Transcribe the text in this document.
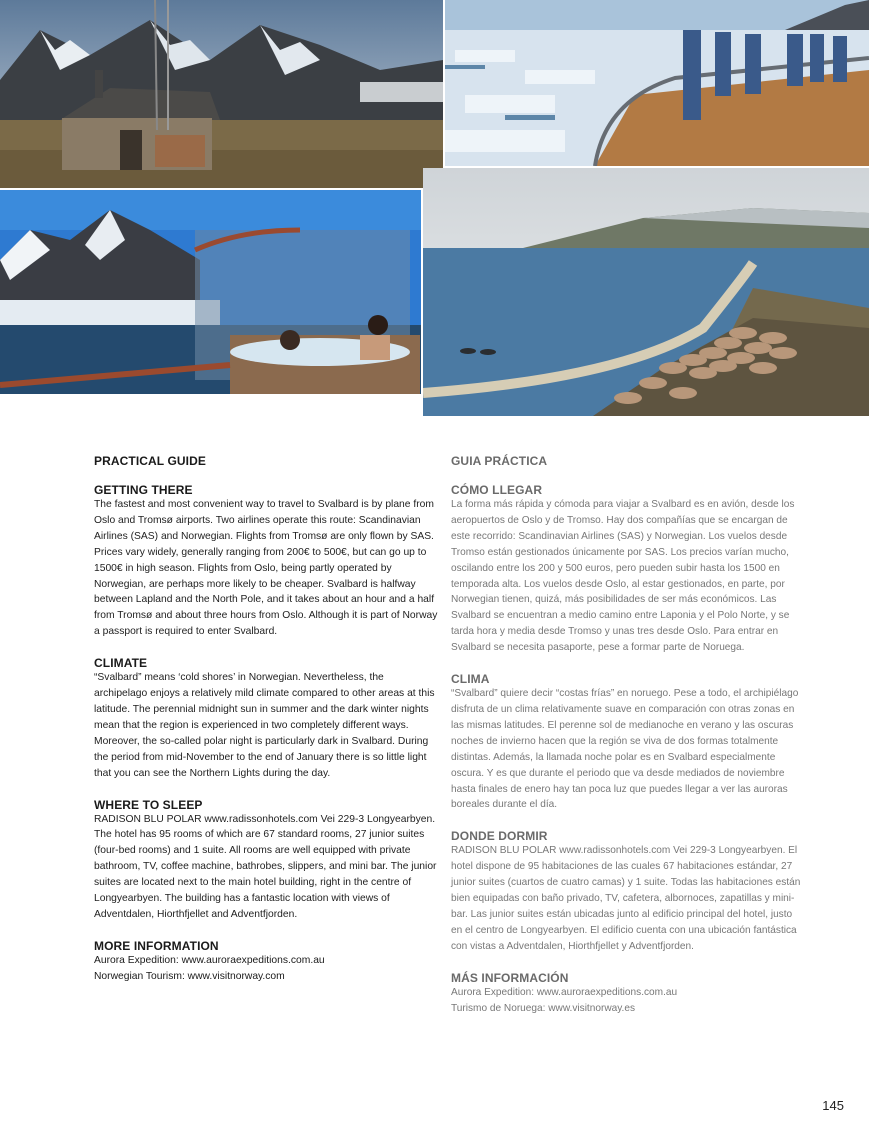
PRACTICAL GUIDE
GETTING THERE

The fastest and most convenient way to travel to Svalbard is by plane from Oslo and Tromsø airports. Two airlines operate this route: Scandinavian Airlines (SAS) and Norwegian. Flights from Tromsø are only flown by SAS. Prices vary widely, generally ranging from 200€ to 500€, but can go up to 1500€ in high season. Flights from Oslo, being partly operated by Norwegian, are perhaps more likely to be cheaper. Svalbard is halfway between Lapland and the North Pole, and it takes about an hour and a half from Tromsø and about three hours from Oslo. Although it is part of Norway a passport is required to enter Svalbard.

CLIMATE

“Svalbard” means ‘cold shores’ in Norwegian. Nevertheless, the archipelago enjoys a relatively mild climate compared to other areas at this latitude. The perennial midnight sun in summer and the dark winter nights mean that the region is experienced in two completely different ways. Moreover, the so-called polar night is particularly dark in Svalbard. During the period from mid-November to the end of January there is so little light that you can see the Northern Lights during the day.

WHERE TO SLEEP

RADISON BLU POLAR www.radissonhotels.com Vei 229-3 Longyearbyen. The hotel has 95 rooms of which are 67 standard rooms, 27 junior suites (four-bed rooms) and 1 suite. All rooms are well equipped with private bathroom, TV, coffee machine, bathrobes, slippers, and mini bar. The junior suites are located next to the main hotel building, right in the centre of Longyearbyen. The building has a fantastic location with views of Adventdalen, Hiorthfjellet and Adventfjorden.

MORE INFORMATION

Aurora Expedition: www.auroraexpeditions.com.au

Norwegian Tourism: www.visitnorway.com

GUIA PRÁCTICA
CÓMO LLEGAR

La forma más rápida y cómoda para viajar a Svalbard es en avión, desde los aeropuertos de Oslo y de Tromso. Hay dos compañías que se encargan de este recorrido: Scandinavian Airlines (SAS) y Norwegian. Los vuelos desde Tromso están gestionados únicamente por SAS. Los precios varían mucho, oscilando entre los 200 y 500 euros, pero pueden subir hasta los 1500 en temporada alta. Los vuelos desde Oslo, al estar gestionados, en parte, por Norwegian tienen, quizá, más posibilidades de ser más económicos. Las Svalbard se encuentran a medio camino entre Laponia y el Polo Norte, y se tarda hora y media desde Tromso y unas tres desde Oslo. Para entrar en Svalbard se necesita pasaporte, pese a formar parte de Noruega.

CLIMA

“Svalbard” quiere decir “costas frías” en noruego. Pese a todo, el archipiélago disfruta de un clima relativamente suave en comparación con otras zonas en las mismas latitudes. El perenne sol de medianoche en verano y las oscuras noches de invierno hacen que la región se viva de dos formas totalmente distintas. Además, la llamada noche polar es en Svalbard especialmente oscura. Y es que durante el periodo que va desde mediados de noviembre hasta finales de enero hay tan poca luz que puedes llegar a ver las auroras boreales durante el día.

DONDE DORMIR

RADISON BLU POLAR www.radissonhotels.com Vei 229-3 Longyearbyen. El hotel dispone de 95 habitaciones de las cuales 67 habitaciones estándar, 27 junior suites (cuartos de cuatro camas) y 1 suite. Todas las habitaciones están bien equipadas con baño privado, TV, cafetera, albornoces, zapatillas y mini-bar. Las junior suites están ubicadas junto al edificio principal del hotel, justo en el centro de Longyearbyen. El edificio cuenta con una ubicación fantástica con vistas a Adventdalen, Hiorthfjellet y Adventfjorden.

MÁS INFORMACIÓN

Aurora Expedition: www.auroraexpeditions.com.au

Turismo de Noruega: www.visitnorway.es

145
